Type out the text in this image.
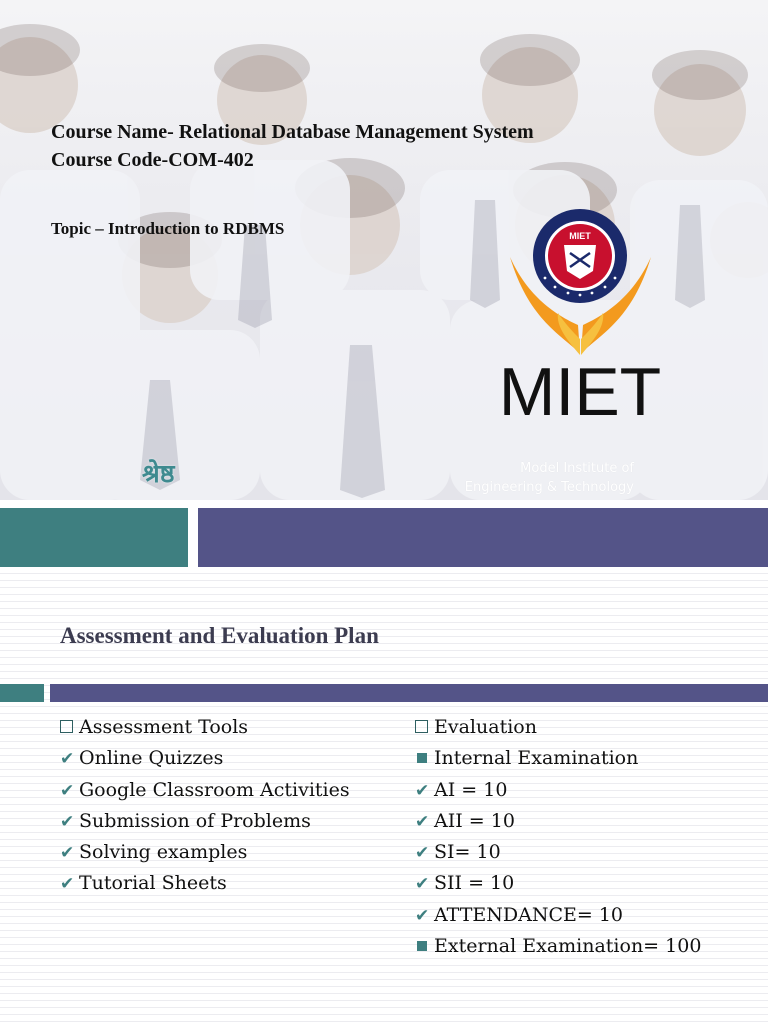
Course Name- Relational Database Management System
Course Code-COM-402
Topic – Introduction to RDBMS	MIET
MIET
श्रेष्ठ	Model Institute of
Engineering & Technology
Assessment and Evaluation Plan
Assessment Tools
✔ Online Quizzes
✔ Google Classroom Activities
✔ Submission of Problems
✔ Solving examples
✔ Tutorial Sheets
Evaluation
Internal Examination
✔ AI = 10
✔ AII = 10
✔ SI= 10
✔ SII = 10
✔ ATTENDANCE= 10
External Examination= 100
